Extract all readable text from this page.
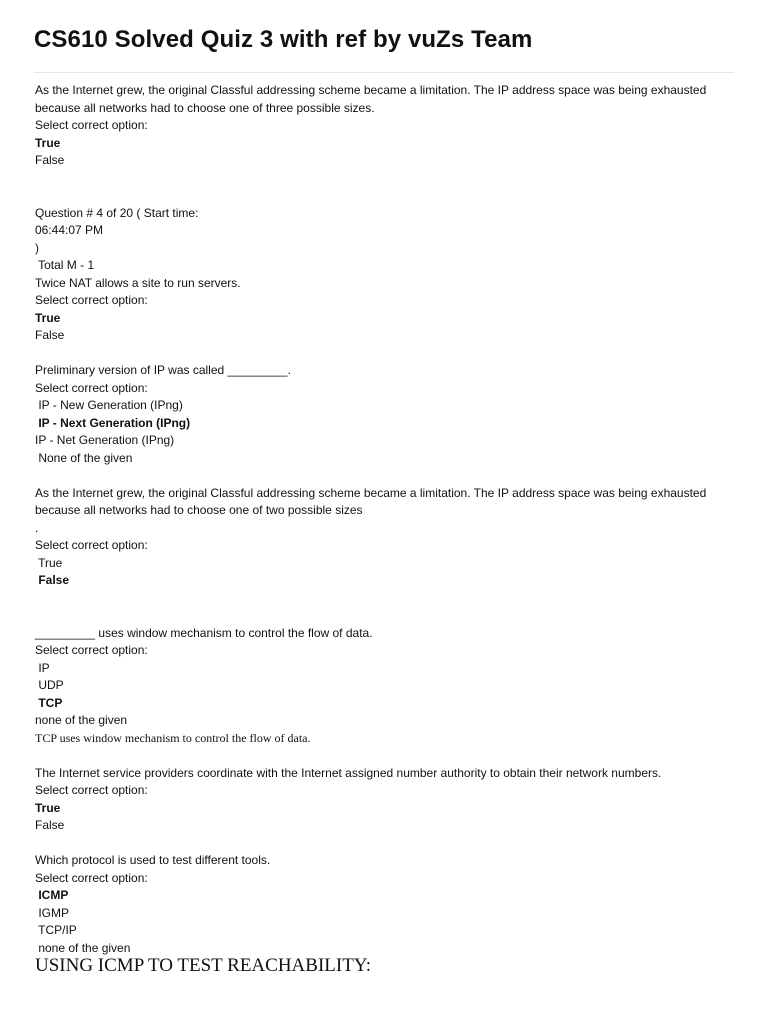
CS610 Solved Quiz 3 with ref by vuZs Team
As the Internet grew, the original Classful addressing scheme became a limitation. The IP address space was being exhausted because all networks had to choose one of three possible sizes.
Select correct option:
True
False
Question # 4 of 20 ( Start time:
06:44:07 PM
)
Total M - 1
Twice NAT allows a site to run servers.
Select correct option:
True
False
Preliminary version of IP was called _________.
Select correct option:
IP - New Generation (IPng)
IP - Next Generation (IPng)
IP - Net Generation (IPng)
None of the given
As the Internet grew, the original Classful addressing scheme became a limitation. The IP address space was being exhausted because all networks had to choose one of two possible sizes
.
Select correct option:
True
False
_________ uses window mechanism to control the flow of data.
Select correct option:
IP
UDP
TCP
none of the given
TCP uses window mechanism to control the flow of data.
The Internet service providers coordinate with the Internet assigned number authority to obtain their network numbers.
Select correct option:
True
False
Which protocol is used to test different tools.
Select correct option:
ICMP
IGMP
TCP/IP
none of the given
USING ICMP TO TEST REACHABILITY:
